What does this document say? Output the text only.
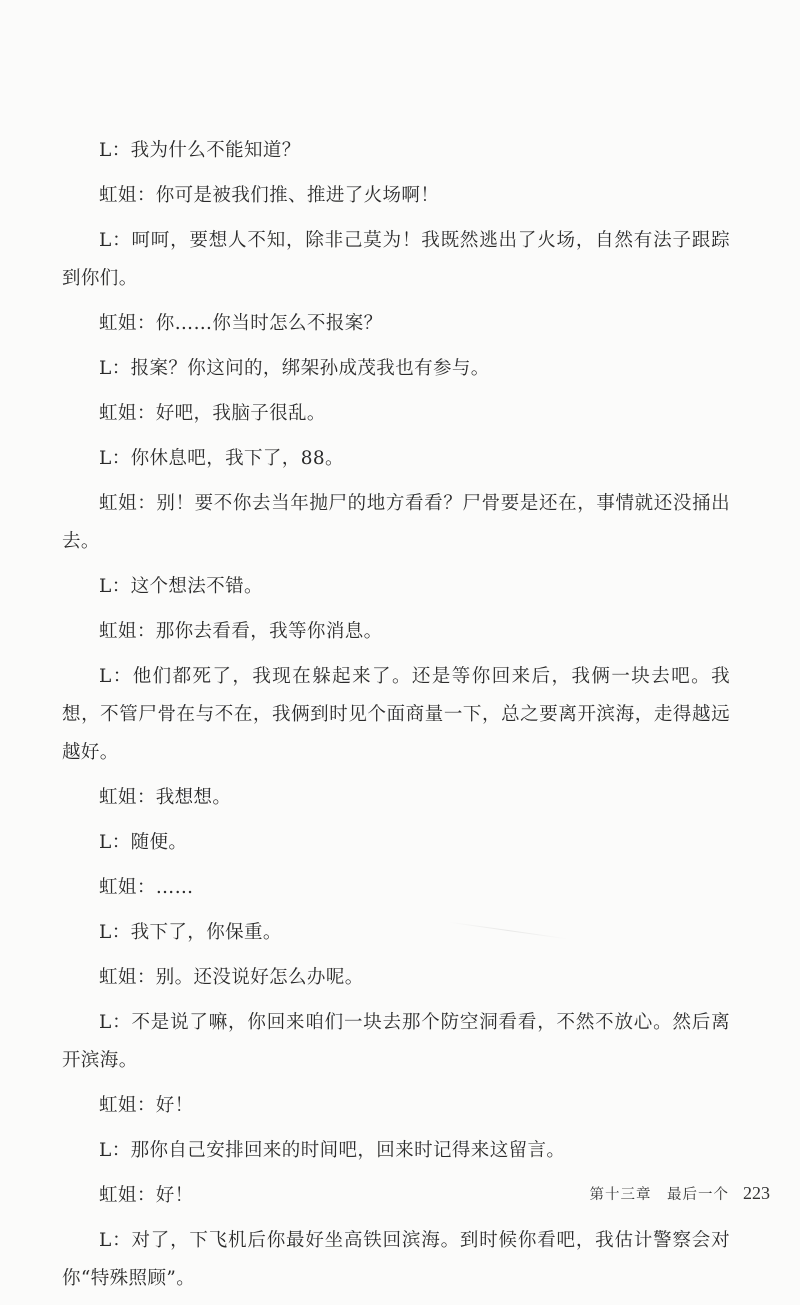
L ： 我为什么不能知道？

虹姐 ： 你可是被我们推、推进了火场啊！

L ： 呵呵，要想人不知，除非己莫为！我既然逃出了火场，自然有法子跟踪到你们。

虹姐 ： 你……你当时怎么不报案？

L ： 报案？你这问的，绑架孙成茂我也有参与。

虹姐 ： 好吧，我脑子很乱。

L ： 你休息吧，我下了，88。

虹姐 ： 别！要不你去当年抛尸的地方看看？尸骨要是还在，事情就还没捅出去。

L ： 这个想法不错。

虹姐 ： 那你去看看，我等你消息。

L ： 他们都死了，我现在躲起来了。还是等你回来后，我俩一块去吧。我想，不管尸骨在与不在，我俩到时见个面商量一下，总之要离开滨海，走得越远越好。

虹姐 ： 我想想。

L ： 随便。

虹姐 ： ……

L ： 我下了，你保重。

虹姐 ： 别。还没说好怎么办呢。

L ： 不是说了嘛，你回来咱们一块去那个防空洞看看，不然不放心。然后离开滨海。

虹姐 ： 好！

L ： 那你自己安排回来的时间吧，回来时记得来这留言。

虹姐 ： 好！

L ： 对了，下飞机后你最好坐高铁回滨海。到时候你看吧，我估计警察会对你“特殊照顾”。

第十三章　最后一个 223
